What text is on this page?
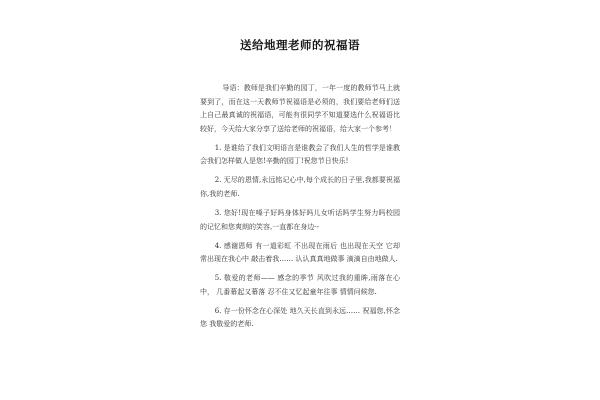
送给地理老师的祝福语

导语：教师是我们辛勤的园丁，一年一度的教师节马上就要到了，而在这一天教师节祝福语是必须的，我们要给老师们送上自己最真诚的祝福语，可能有很同学不知道要选什么祝福语比较好，今天给大家分享了送给老师的祝福语，给大家一个参考！

1. 是谁给了我们文明语言是谁教会了我们人生的哲学是谁教会我们怎样做人是您!辛勤的园丁!祝您节日快乐!

2. 无尽的恩情,永远铭记心中,每个成长的日子里,我都要祝福你,我的老师.

3. 您好!现在嗓子好吗身体好吗儿女听话吗学生努力吗校园的记忆和您爽朗的笑容,一直都在身边--

4. 感谢恩师 有一道彩虹 不出现在雨后 也出现在天空 它却常出现在我心中 敲击着我…… 认认真真地做事 滴滴自由地做人.

5. 敬爱的老师—— 感念的季节 风吹过我的重眸,雨落在心中， 几番幕起又幕落 忍不住又忆起童年往事 情情问候您.

6. 存一份怀念在心深处 地久天长直到永远…… 祝福您,怀念您 我敬爱的老师.
